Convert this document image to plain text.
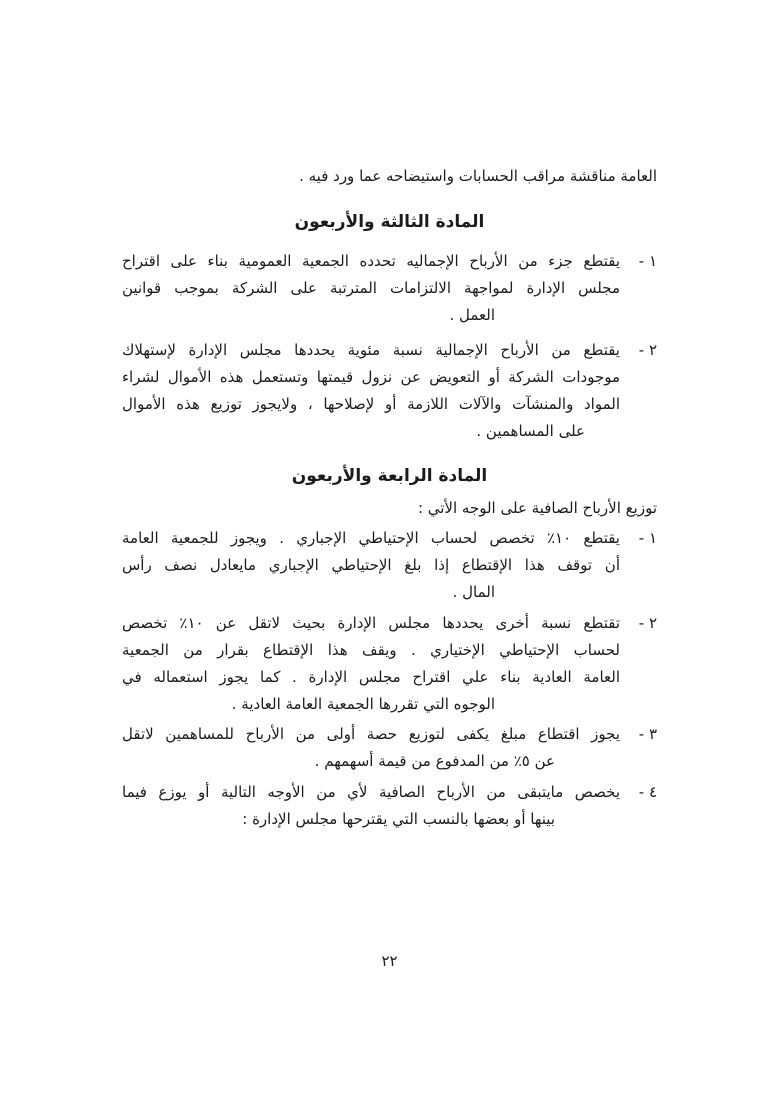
العامة مناقشة مراقب الحسابات واستيضاحه عما ورد فيه .
المادة الثالثة والأربعون
١ -
يقتطع جزء من الأرباح الإجماليه تحدده الجمعية العمومية بناء على اقتراح
مجلس الإدارة لمواجهة الالتزامات المترتبة على الشركة بموجب قوانين
العمل .
٢ -
يقتطع من الأرباح الإجمالية نسبة مئوية يحددها مجلس الإدارة لإستهلاك
موجودات الشركة أو التعويض عن نزول قيمتها وتستعمل هذه الأموال لشراء
المواد والمنشآت والآلات اللازمة أو لإصلاحها ، ولايجوز توزيع هذه الأموال
على المساهمين .
المادة الرابعة والأربعون
توزيع الأرباح الصافية على الوجه الأتي :
١ -
يقتطع ١٠٪ تخصص لحساب الإحتياطي الإجباري . ويجوز للجمعية العامة
أن توقف هذا الإقتطاع إذا بلغ الإحتياطي الإجباري مايعادل نصف رأس
المال .
٢ -
تقتطع نسبة أخرى يحددها مجلس الإدارة بحيث لاتقل عن ١٠٪ تخصص
لحساب الإحتياطي الإختياري . ويقف هذا الإقتطاع بقرار من الجمعية
العامة العادية بناء علي اقتراح مجلس الإدارة . كما يجوز استعماله في
الوجوه التي تقررها الجمعية العامة العادية .
٣ -
يجوز اقتطاع مبلغ يكفى لتوزيع حصة أولى من الأرباح للمساهمين لاتقل
عن ٥٪ من المدفوع من قيمة أسهمهم .
٤ -
يخصص مايتبقى من الأرباح الصافية لأي من الأوجه التالية أو يوزع فيما
بينها أو بعضها بالنسب التي يقترحها مجلس الإدارة :
٢٢
